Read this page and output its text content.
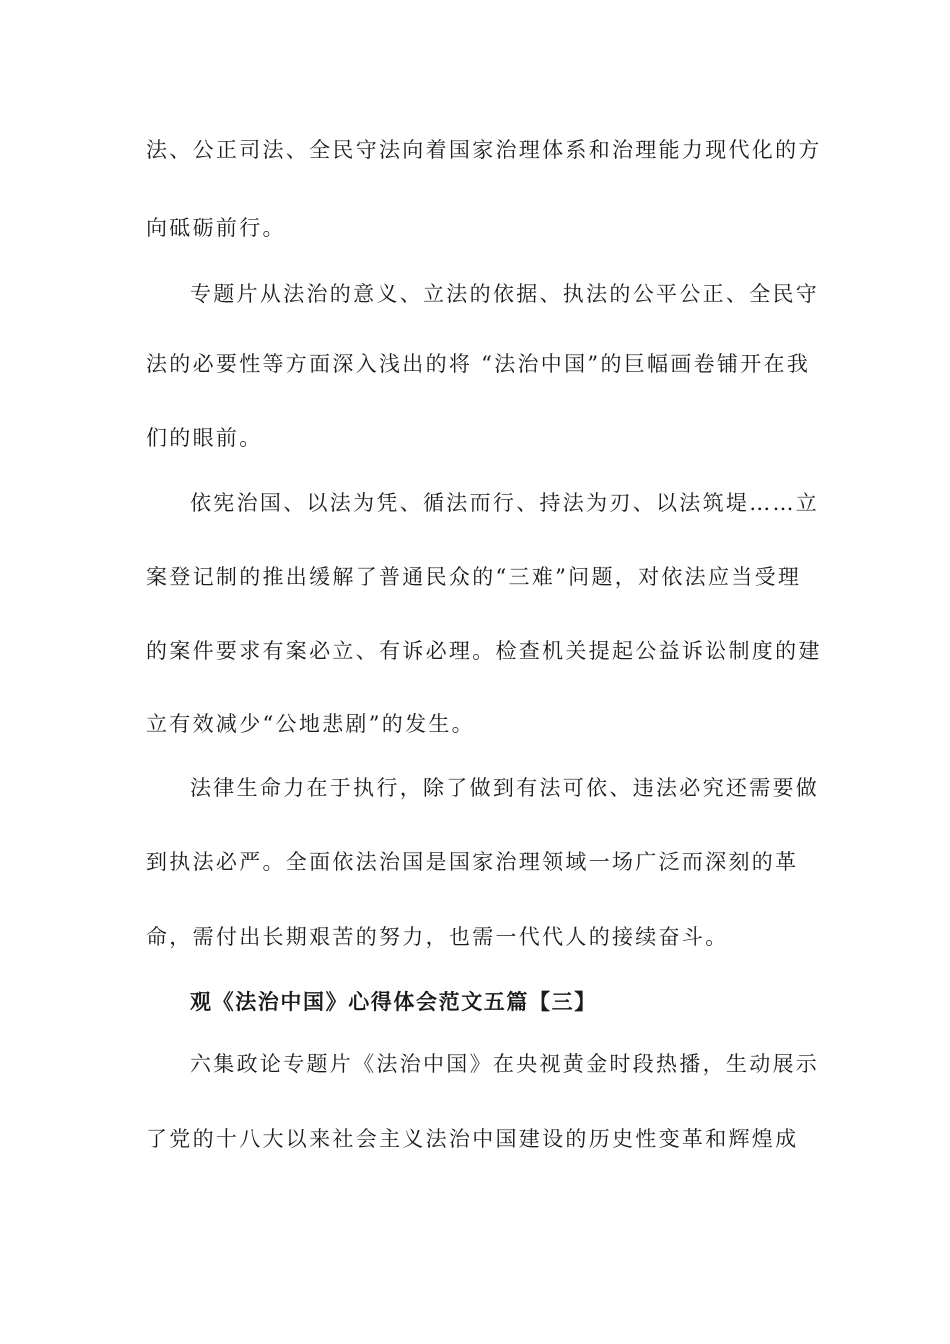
法、公正司法、全民守法向着国家治理体系和治理能力现代化的方
向砥砺前行。
专题片从法治的意义、立法的依据、执法的公平公正、全民守
法的必要性等方面深入浅出的将 “法治中国”的巨幅画卷铺开在我
们的眼前。
依宪治国、以法为凭、循法而行、持法为刃、以法筑堤……立
案登记制的推出缓解了普通民众的“三难”问题，对依法应当受理
的案件要求有案必立、有诉必理。检查机关提起公益诉讼制度的建
立有效减少“公地悲剧”的发生。
法律生命力在于执行，除了做到有法可依、违法必究还需要做
到执法必严。全面依法治国是国家治理领域一场广泛而深刻的革
命，需付出长期艰苦的努力，也需一代代人的接续奋斗。
观《法治中国》心得体会范文五篇【三】
六集政论专题片《法治中国》在央视黄金时段热播，生动展示
了党的十八大以来社会主义法治中国建设的历史性变革和辉煌成
